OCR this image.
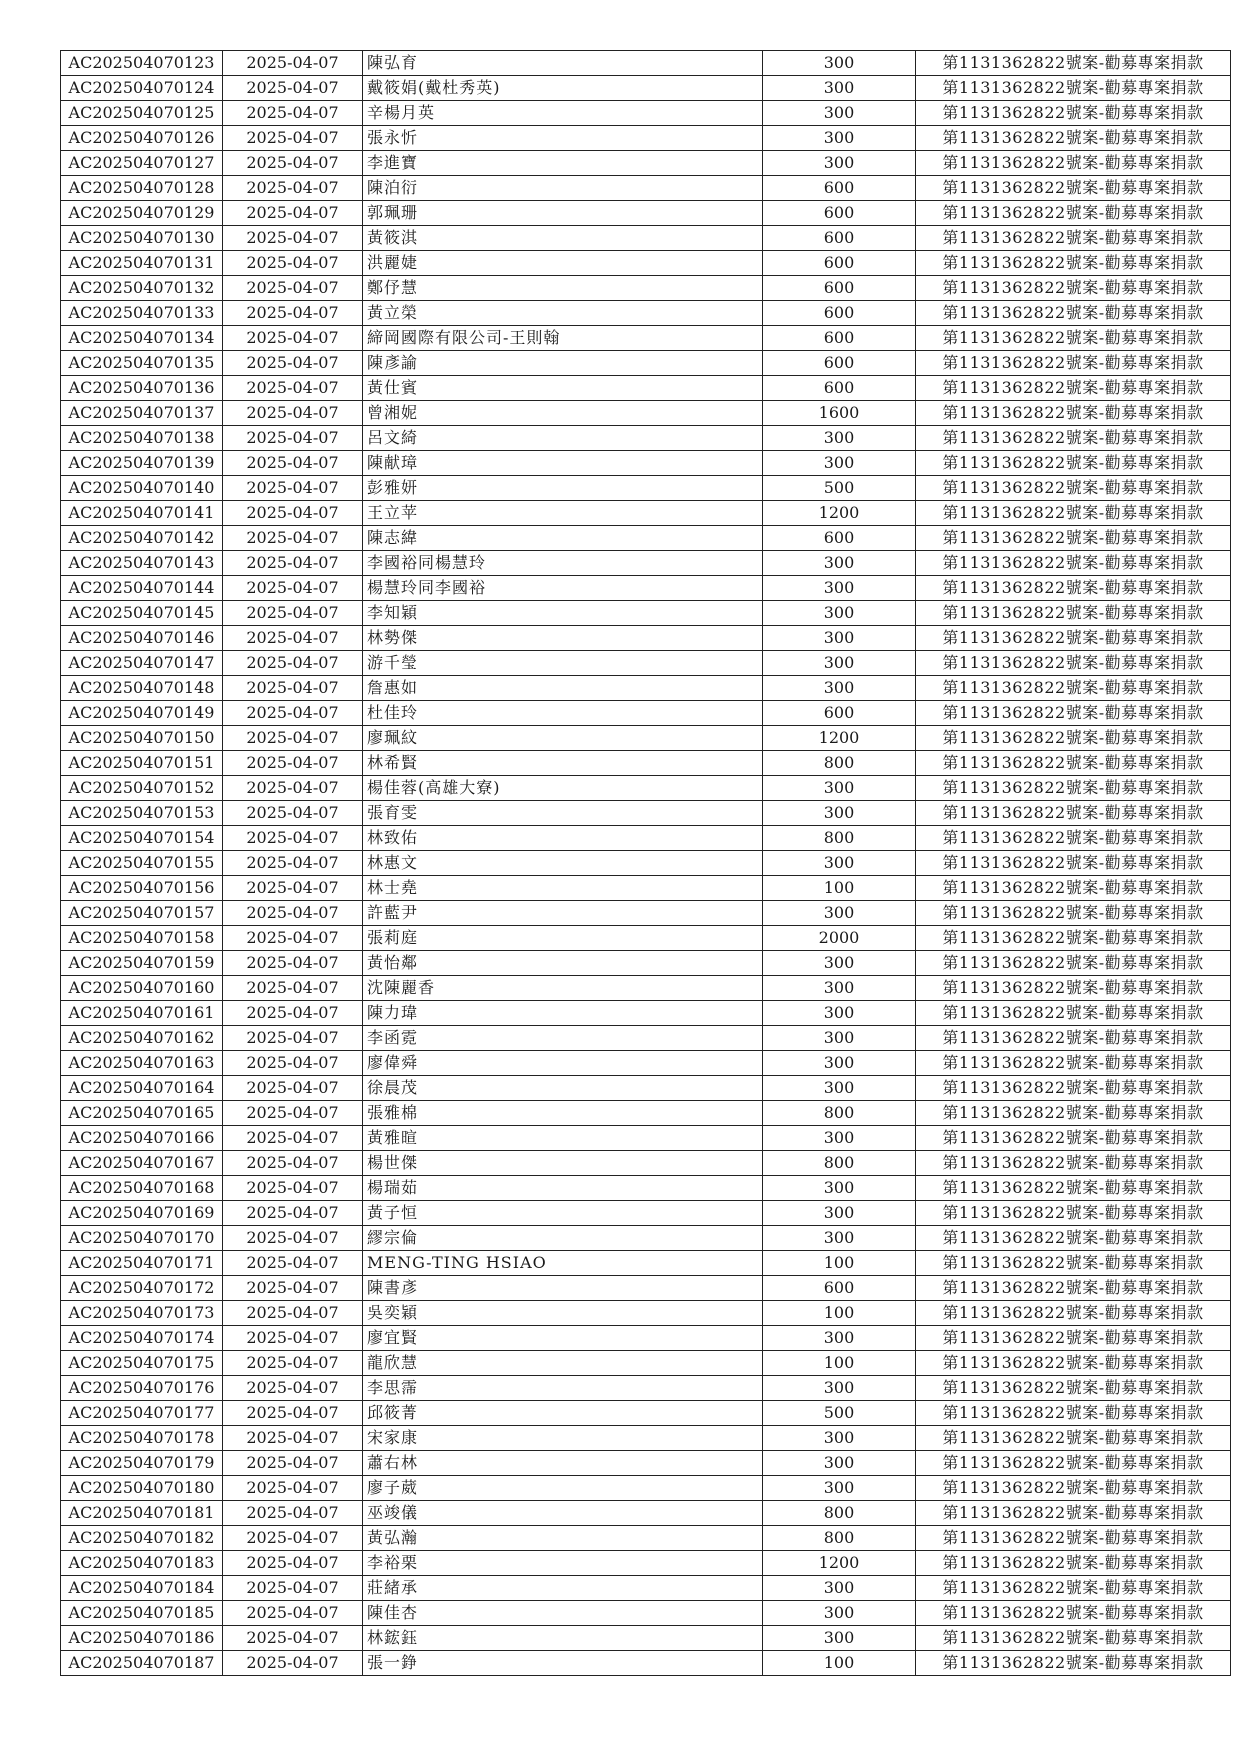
AC202504070123	2025-04-07	陳弘育	300	第1131362822號案-勸募專案捐款
AC202504070124	2025-04-07	戴筱娟(戴杜秀英)	300	第1131362822號案-勸募專案捐款
AC202504070125	2025-04-07	辛楊月英	300	第1131362822號案-勸募專案捐款
AC202504070126	2025-04-07	張永忻	300	第1131362822號案-勸募專案捐款
AC202504070127	2025-04-07	李進寶	300	第1131362822號案-勸募專案捐款
AC202504070128	2025-04-07	陳泊衍	600	第1131362822號案-勸募專案捐款
AC202504070129	2025-04-07	郭珮珊	600	第1131362822號案-勸募專案捐款
AC202504070130	2025-04-07	黃筱淇	600	第1131362822號案-勸募專案捐款
AC202504070131	2025-04-07	洪麗婕	600	第1131362822號案-勸募專案捐款
AC202504070132	2025-04-07	鄭伃慧	600	第1131362822號案-勸募專案捐款
AC202504070133	2025-04-07	黃立榮	600	第1131362822號案-勸募專案捐款
AC202504070134	2025-04-07	締岡國際有限公司-王則翰	600	第1131362822號案-勸募專案捐款
AC202504070135	2025-04-07	陳彥諭	600	第1131362822號案-勸募專案捐款
AC202504070136	2025-04-07	黃仕賓	600	第1131362822號案-勸募專案捐款
AC202504070137	2025-04-07	曾湘妮	1600	第1131362822號案-勸募專案捐款
AC202504070138	2025-04-07	呂文綺	300	第1131362822號案-勸募專案捐款
AC202504070139	2025-04-07	陳献璋	300	第1131362822號案-勸募專案捐款
AC202504070140	2025-04-07	彭雅妍	500	第1131362822號案-勸募專案捐款
AC202504070141	2025-04-07	王立苹	1200	第1131362822號案-勸募專案捐款
AC202504070142	2025-04-07	陳志緯	600	第1131362822號案-勸募專案捐款
AC202504070143	2025-04-07	李國裕同楊慧玲	300	第1131362822號案-勸募專案捐款
AC202504070144	2025-04-07	楊慧玲同李國裕	300	第1131362822號案-勸募專案捐款
AC202504070145	2025-04-07	李知穎	300	第1131362822號案-勸募專案捐款
AC202504070146	2025-04-07	林勢傑	300	第1131362822號案-勸募專案捐款
AC202504070147	2025-04-07	游千瑩	300	第1131362822號案-勸募專案捐款
AC202504070148	2025-04-07	詹惠如	300	第1131362822號案-勸募專案捐款
AC202504070149	2025-04-07	杜佳玲	600	第1131362822號案-勸募專案捐款
AC202504070150	2025-04-07	廖珮紋	1200	第1131362822號案-勸募專案捐款
AC202504070151	2025-04-07	林希賢	800	第1131362822號案-勸募專案捐款
AC202504070152	2025-04-07	楊佳蓉(高雄大寮)	300	第1131362822號案-勸募專案捐款
AC202504070153	2025-04-07	張育雯	300	第1131362822號案-勸募專案捐款
AC202504070154	2025-04-07	林致佑	800	第1131362822號案-勸募專案捐款
AC202504070155	2025-04-07	林惠文	300	第1131362822號案-勸募專案捐款
AC202504070156	2025-04-07	林士堯	100	第1131362822號案-勸募專案捐款
AC202504070157	2025-04-07	許藍尹	300	第1131362822號案-勸募專案捐款
AC202504070158	2025-04-07	張莉庭	2000	第1131362822號案-勸募專案捐款
AC202504070159	2025-04-07	黃怡鄰	300	第1131362822號案-勸募專案捐款
AC202504070160	2025-04-07	沈陳麗香	300	第1131362822號案-勸募專案捐款
AC202504070161	2025-04-07	陳力瑋	300	第1131362822號案-勸募專案捐款
AC202504070162	2025-04-07	李函霓	300	第1131362822號案-勸募專案捐款
AC202504070163	2025-04-07	廖偉舜	300	第1131362822號案-勸募專案捐款
AC202504070164	2025-04-07	徐晨茂	300	第1131362822號案-勸募專案捐款
AC202504070165	2025-04-07	張雅棉	800	第1131362822號案-勸募專案捐款
AC202504070166	2025-04-07	黃雅暄	300	第1131362822號案-勸募專案捐款
AC202504070167	2025-04-07	楊世傑	800	第1131362822號案-勸募專案捐款
AC202504070168	2025-04-07	楊瑞茹	300	第1131362822號案-勸募專案捐款
AC202504070169	2025-04-07	黃子恒	300	第1131362822號案-勸募專案捐款
AC202504070170	2025-04-07	繆宗倫	300	第1131362822號案-勸募專案捐款
AC202504070171	2025-04-07	MENG-TING HSIAO	100	第1131362822號案-勸募專案捐款
AC202504070172	2025-04-07	陳書彥	600	第1131362822號案-勸募專案捐款
AC202504070173	2025-04-07	吳奕穎	100	第1131362822號案-勸募專案捐款
AC202504070174	2025-04-07	廖宜賢	300	第1131362822號案-勸募專案捐款
AC202504070175	2025-04-07	龍欣慧	100	第1131362822號案-勸募專案捐款
AC202504070176	2025-04-07	李思霈	300	第1131362822號案-勸募專案捐款
AC202504070177	2025-04-07	邱筱菁	500	第1131362822號案-勸募專案捐款
AC202504070178	2025-04-07	宋家康	300	第1131362822號案-勸募專案捐款
AC202504070179	2025-04-07	蕭右林	300	第1131362822號案-勸募專案捐款
AC202504070180	2025-04-07	廖子葳	300	第1131362822號案-勸募專案捐款
AC202504070181	2025-04-07	巫竣儀	800	第1131362822號案-勸募專案捐款
AC202504070182	2025-04-07	黃弘瀚	800	第1131362822號案-勸募專案捐款
AC202504070183	2025-04-07	李裕栗	1200	第1131362822號案-勸募專案捐款
AC202504070184	2025-04-07	莊緒承	300	第1131362822號案-勸募專案捐款
AC202504070185	2025-04-07	陳佳杏	300	第1131362822號案-勸募專案捐款
AC202504070186	2025-04-07	林鋐鈺	300	第1131362822號案-勸募專案捐款
AC202504070187	2025-04-07	張一錚	100	第1131362822號案-勸募專案捐款
